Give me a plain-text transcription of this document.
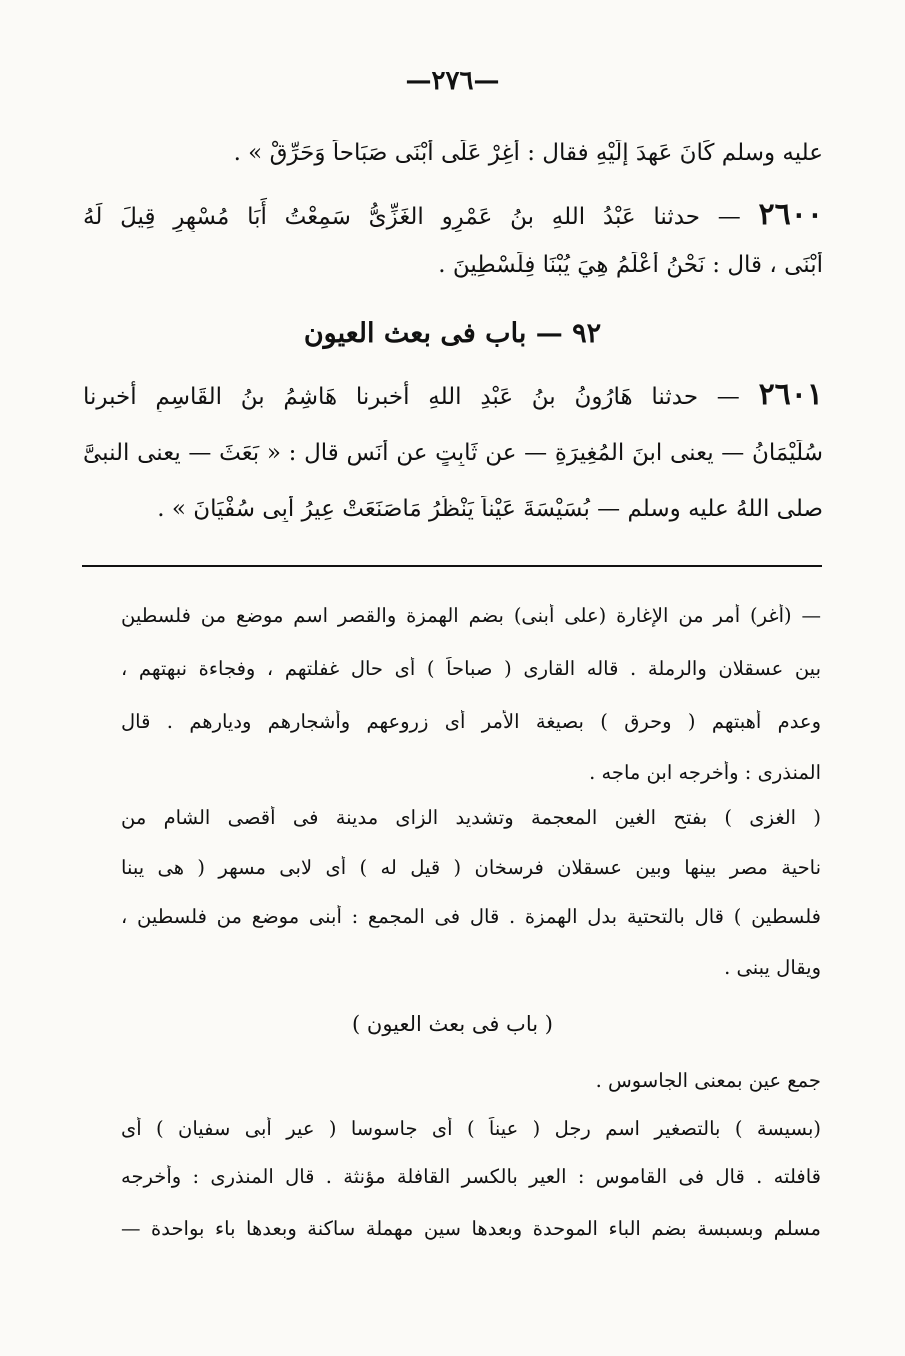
—٢٧٦—
عليه وسلم كَانَ عَهِدَ إِلَيْهِ فقال : أَغِرْ عَلَى أُبْنَى صَبَاحاً وَحَرِّقْ » .
٢٦٠٠ — حدثنا عَبْدُ اللهِ بنُ عَمْرٍو الغَزِّىُّ سَمِعْتُ أَبَا مُسْهِرٍ قِيلَ لَهُ
أُبْنَى ، قال : نَحْنُ أَعْلَمُ هِيَ يُبْنَا فِلَسْطِينَ .
٩٢ — باب فى بعث العيون
٢٦٠١ — حدثنا هَارُونُ بنُ عَبْدِ اللهِ أخبرنا هَاشِمُ بنُ القَاسِمِ أخبرنا
سُلَيْمَانُ — يعنى ابنَ المُغِيرَةِ — عن ثَابِتٍ عن أَنَسٍ قال : « بَعَثَ — يعنى النبىَّ
صلى اللهُ عليه وسلم — بُسَيْسَةَ عَيْناً يَنْظُرُ مَاصَنَعَتْ عِيرُ أَبِى سُفْيَانَ » .
— (أغر) أمر من الإغارة (على أبنى) بضم الهمزة والقصر اسم موضع من فلسطين
بين عسقلان والرملة . قاله القارى ( صباحاً ) أى حال غفلتهم ، وفجاءة نبهتهم ،
وعدم أهبتهم ( وحرق ) بصيغة الأمر أى زروعهم وأشجارهم وديارهم . قال
المنذرى : وأخرجه ابن ماجه .
( الغزى ) بفتح الغين المعجمة وتشديد الزاى مدينة فى أقصى الشام من
ناحية مصر بينها وبين عسقلان فرسخان ( قيل له ) أى لابى مسهر ( هى يبنا
فلسطين ) قال بالتحتية بدل الهمزة . قال فى المجمع : أبنى موضع من فلسطين ،
ويقال يبنى .
( باب فى بعث العيون )
جمع عين بمعنى الجاسوس .
(بسيسة ) بالتصغير اسم رجل ( عيناً ) أى جاسوسا ( عير أبى سفيان ) أى
قافلته . قال فى القاموس : العير بالكسر القافلة مؤنثة . قال المنذرى : وأخرجه
مسلم وبسبسة بضم الباء الموحدة وبعدها سين مهملة ساكنة وبعدها باء بواحدة —
